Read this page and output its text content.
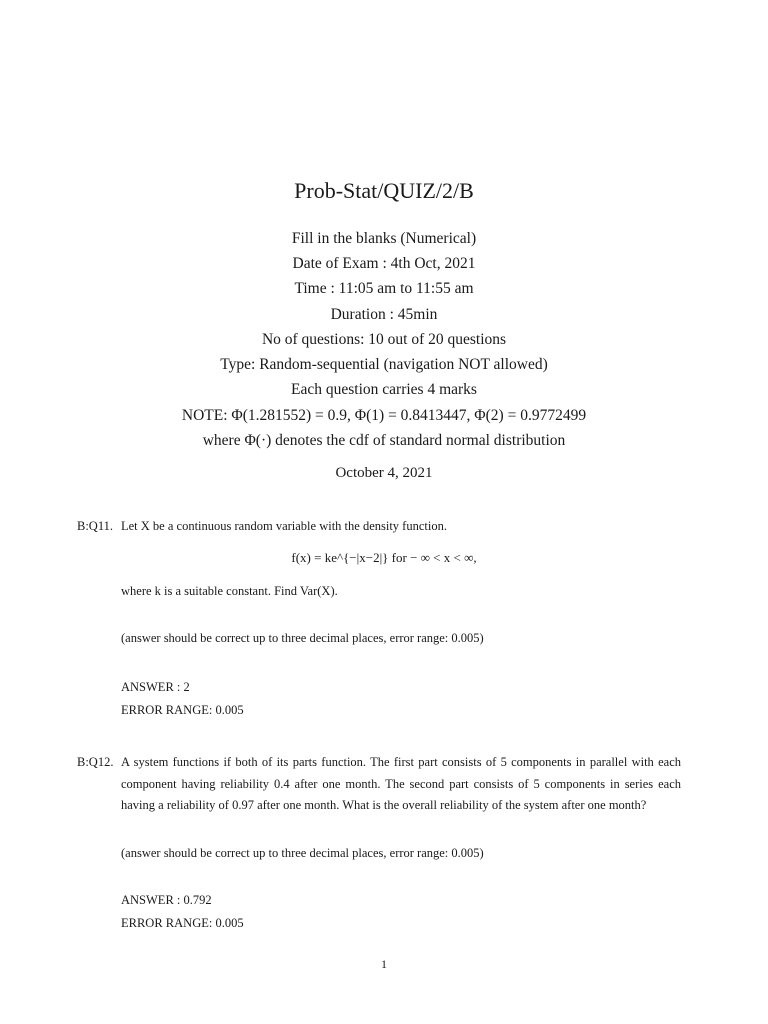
Prob-Stat/QUIZ/2/B
Fill in the blanks (Numerical)
Date of Exam : 4th Oct, 2021
Time : 11:05 am to 11:55 am
Duration : 45min
No of questions: 10 out of 20 questions
Type: Random-sequential (navigation NOT allowed)
Each question carries 4 marks
NOTE: Φ(1.281552) = 0.9, Φ(1) = 0.8413447, Φ(2) = 0.9772499
where Φ(·) denotes the cdf of standard normal distribution
October 4, 2021
B:Q11. Let X be a continuous random variable with the density function.
f(x) = ke^{−|x−2|} for − ∞ < x < ∞,
where k is a suitable constant. Find Var(X).
(answer should be correct up to three decimal places, error range: 0.005)
ANSWER : 2
ERROR RANGE: 0.005
B:Q12. A system functions if both of its parts function. The first part consists of 5 components in parallel with each component having reliability 0.4 after one month. The second part consists of 5 components in series each having a reliability of 0.97 after one month. What is the overall reliability of the system after one month?
(answer should be correct up to three decimal places, error range: 0.005)
ANSWER : 0.792
ERROR RANGE: 0.005
1
